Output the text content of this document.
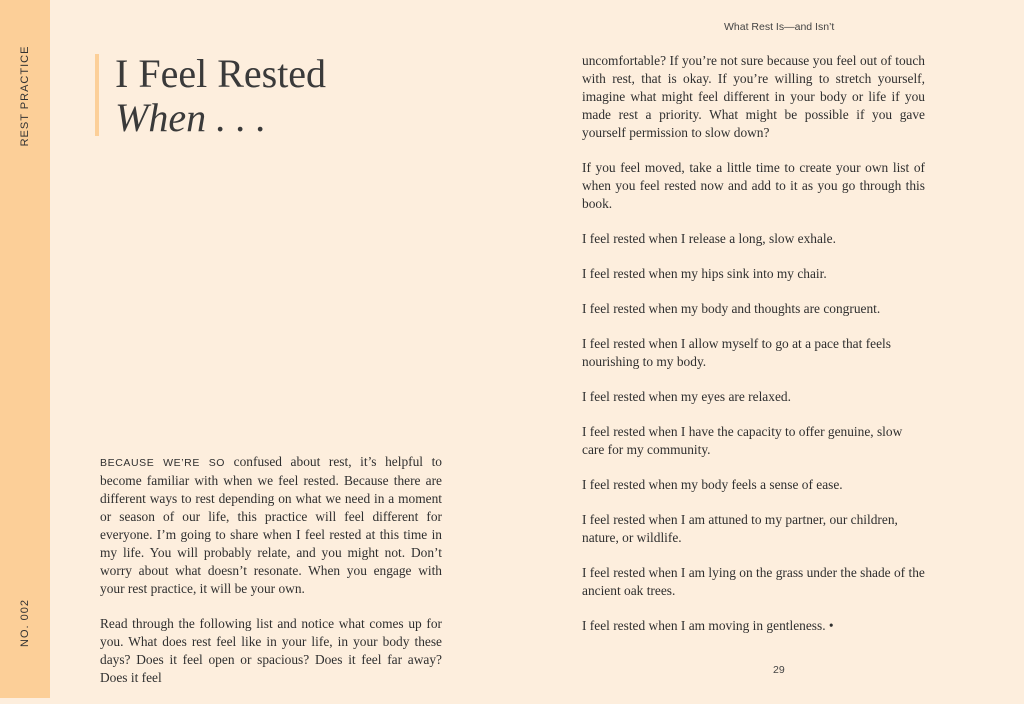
REST PRACTICE
NO. 002
I Feel Rested
When . . .

BECAUSE WE’RE SO confused about rest, it’s helpful to become familiar with when we feel rested. Because there are different ways to rest depending on what we need in a moment or season of our life, this practice will feel different for everyone. I’m going to share when I feel rested at this time in my life. You will probably relate, and you might not. Don’t worry about what doesn’t resonate. When you engage with your rest practice, it will be your own.

Read through the following list and notice what comes up for you. What does rest feel like in your life, in your body these days? Does it feel open or spacious? Does it feel far away? Does it feel

What Rest Is—and Isn’t

uncomfortable? If you’re not sure because you feel out of touch with rest, that is okay. If you’re willing to stretch yourself, imagine what might feel different in your body or life if you made rest a priority. What might be possible if you gave yourself permission to slow down?

If you feel moved, take a little time to create your own list of when you feel rested now and add to it as you go through this book.

I feel rested when I release a long, slow exhale.

I feel rested when my hips sink into my chair.

I feel rested when my body and thoughts are congruent.

I feel rested when I allow myself to go at a pace that feels nourishing to my body.

I feel rested when my eyes are relaxed.

I feel rested when I have the capacity to offer genuine, slow care for my community.

I feel rested when my body feels a sense of ease.

I feel rested when I am attuned to my partner, our children, nature, or wildlife.

I feel rested when I am lying on the grass under the shade of the ancient oak trees.

I feel rested when I am moving in gentleness. •

29
